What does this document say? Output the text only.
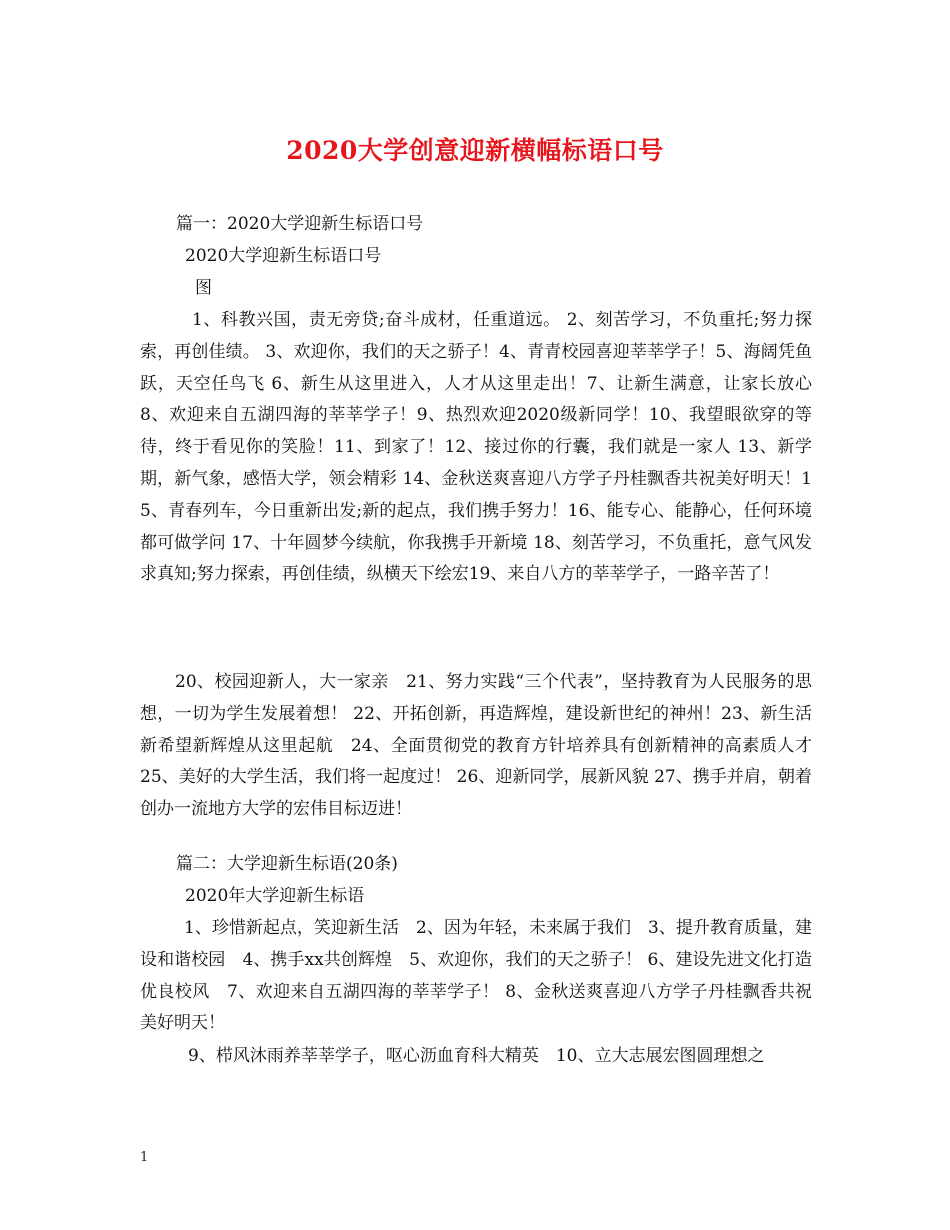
2020大学创意迎新横幅标语口号
篇一：2020大学迎新生标语口号
2020大学迎新生标语口号
图

1、科教兴国，责无旁贷;奋斗成材，任重道远。 2、刻苦学习，不负重托;努力探索，再创佳绩。 3、欢迎你，我们的天之骄子！4、青青校园喜迎莘莘学子！5、海阔凭鱼跃，天空任鸟飞 6、新生从这里进入，人才从这里走出！7、让新生满意，让家长放心 8、欢迎来自五湖四海的莘莘学子！9、热烈欢迎2020级新同学！10、我望眼欲穿的等待，终于看见你的笑脸！11、到家了！12、接过你的行囊，我们就是一家人 13、新学期，新气象，感悟大学，领会精彩 14、金秋送爽喜迎八方学子丹桂飘香共祝美好明天！15、青春列车，今日重新出发;新的起点，我们携手努力！16、能专心、能静心，任何环境都可做学问 17、十年圆梦今续航，你我携手开新境 18、刻苦学习，不负重托，意气风发求真知;努力探索，再创佳绩，纵横天下绘宏19、来自八方的莘莘学子，一路辛苦了！

20、校园迎新人，大一家亲　21、努力实践“三个代表”，坚持教育为人民服务的思想，一切为学生发展着想！ 22、开拓创新，再造辉煌，建设新世纪的神州！23、新生活新希望新辉煌从这里起航　24、全面贯彻党的教育方针培养具有创新精神的高素质人才　25、美好的大学生活，我们将一起度过！ 26、迎新同学，展新风貌 27、携手并肩，朝着创办一流地方大学的宏伟目标迈进！

篇二：大学迎新生标语(20条)
2020年大学迎新生标语

1、珍惜新起点，笑迎新生活　2、因为年轻，未来属于我们　3、提升教育质量，建设和谐校园　4、携手xx共创辉煌　5、欢迎你，我们的天之骄子！ 6、建设先进文化打造优良校风　7、欢迎来自五湖四海的莘莘学子！ 8、金秋送爽喜迎八方学子丹桂飘香共祝美好明天！

9、栉风沐雨养莘莘学子，呕心沥血育科大精英　10、立大志展宏图圆理想之

1
